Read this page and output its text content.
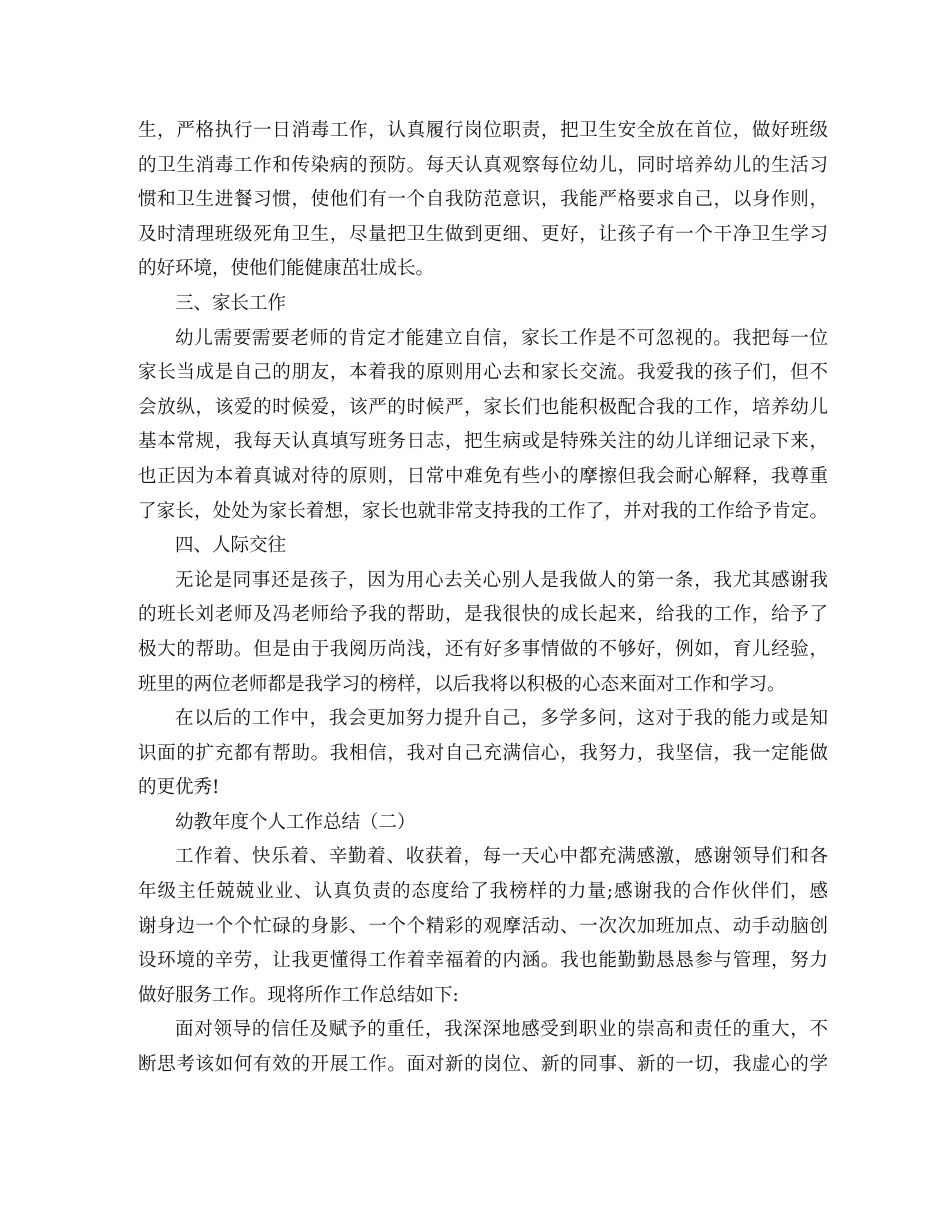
生，严格执行一日消毒工作，认真履行岗位职责，把卫生安全放在首位，做好班级
的卫生消毒工作和传染病的预防。每天认真观察每位幼儿，同时培养幼儿的生活习
惯和卫生进餐习惯，使他们有一个自我防范意识，我能严格要求自己，以身作则，
及时清理班级死角卫生，尽量把卫生做到更细、更好，让孩子有一个干净卫生学习
的好环境，使他们能健康茁壮成长。
三、家长工作
幼儿需要需要老师的肯定才能建立自信，家长工作是不可忽视的。我把每一位
家长当成是自己的朋友，本着我的原则用心去和家长交流。我爱我的孩子们，但不
会放纵，该爱的时候爱，该严的时候严，家长们也能积极配合我的工作，培养幼儿
基本常规，我每天认真填写班务日志，把生病或是特殊关注的幼儿详细记录下来，
也正因为本着真诚对待的原则，日常中难免有些小的摩擦但我会耐心解释，我尊重
了家长，处处为家长着想，家长也就非常支持我的工作了，并对我的工作给予肯定。
四、人际交往
无论是同事还是孩子，因为用心去关心别人是我做人的第一条，我尤其感谢我
的班长刘老师及冯老师给予我的帮助，是我很快的成长起来，给我的工作，给予了
极大的帮助。但是由于我阅历尚浅，还有好多事情做的不够好，例如，育儿经验，
班里的两位老师都是我学习的榜样，以后我将以积极的心态来面对工作和学习。
在以后的工作中，我会更加努力提升自己，多学多问，这对于我的能力或是知
识面的扩充都有帮助。我相信，我对自己充满信心，我努力，我坚信，我一定能做
的更优秀!
幼教年度个人工作总结（二）
工作着、快乐着、辛勤着、收获着，每一天心中都充满感激，感谢领导们和各
年级主任兢兢业业、认真负责的态度给了我榜样的力量;感谢我的合作伙伴们，感
谢身边一个个忙碌的身影、一个个精彩的观摩活动、一次次加班加点、动手动脑创
设环境的辛劳，让我更懂得工作着幸福着的内涵。我也能勤勤恳恳参与管理，努力
做好服务工作。现将所作工作总结如下:
面对领导的信任及赋予的重任，我深深地感受到职业的崇高和责任的重大，不
断思考该如何有效的开展工作。面对新的岗位、新的同事、新的一切，我虚心的学
